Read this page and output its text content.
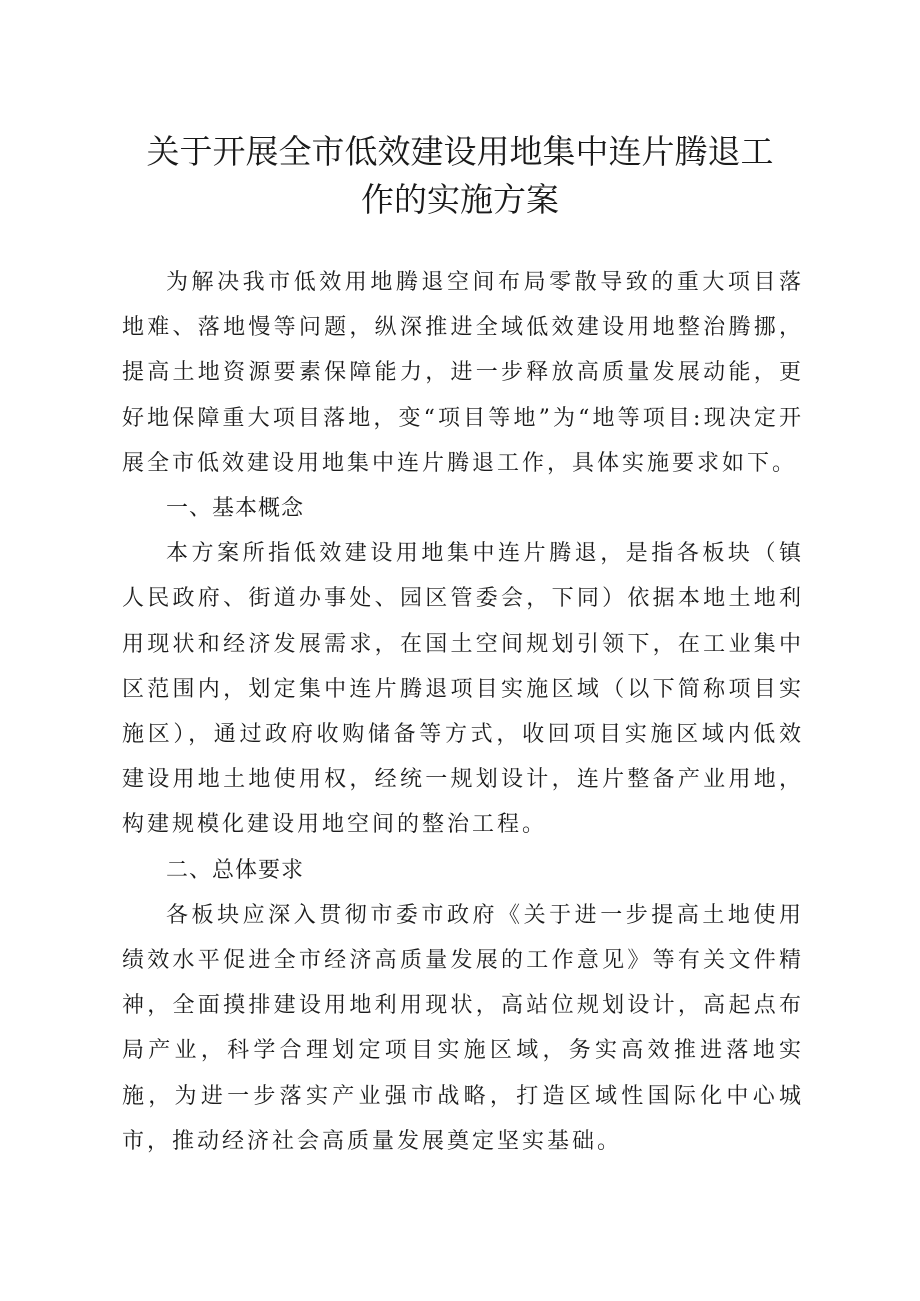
关于开展全市低效建设用地集中连片腾退工
作的实施方案

为解决我市低效用地腾退空间布局零散导致的重大项目落地难、落地慢等问题，纵深推进全域低效建设用地整治腾挪，提高土地资源要素保障能力，进一步释放高质量发展动能，更好地保障重大项目落地，变“项目等地”为“地等项目:现决定开展全市低效建设用地集中连片腾退工作，具体实施要求如下。

一、基本概念

本方案所指低效建设用地集中连片腾退，是指各板块（镇人民政府、街道办事处、园区管委会，下同）依据本地土地利用现状和经济发展需求，在国土空间规划引领下，在工业集中区范围内，划定集中连片腾退项目实施区域（以下简称项目实施区），通过政府收购储备等方式，收回项目实施区域内低效建设用地土地使用权，经统一规划设计，连片整备产业用地，构建规模化建设用地空间的整治工程。

二、总体要求

各板块应深入贯彻市委市政府《关于进一步提高土地使用绩效水平促进全市经济高质量发展的工作意见》等有关文件精神，全面摸排建设用地利用现状，高站位规划设计，高起点布局产业，科学合理划定项目实施区域，务实高效推进落地实施，为进一步落实产业强市战略，打造区域性国际化中心城市，推动经济社会高质量发展奠定坚实基础。
